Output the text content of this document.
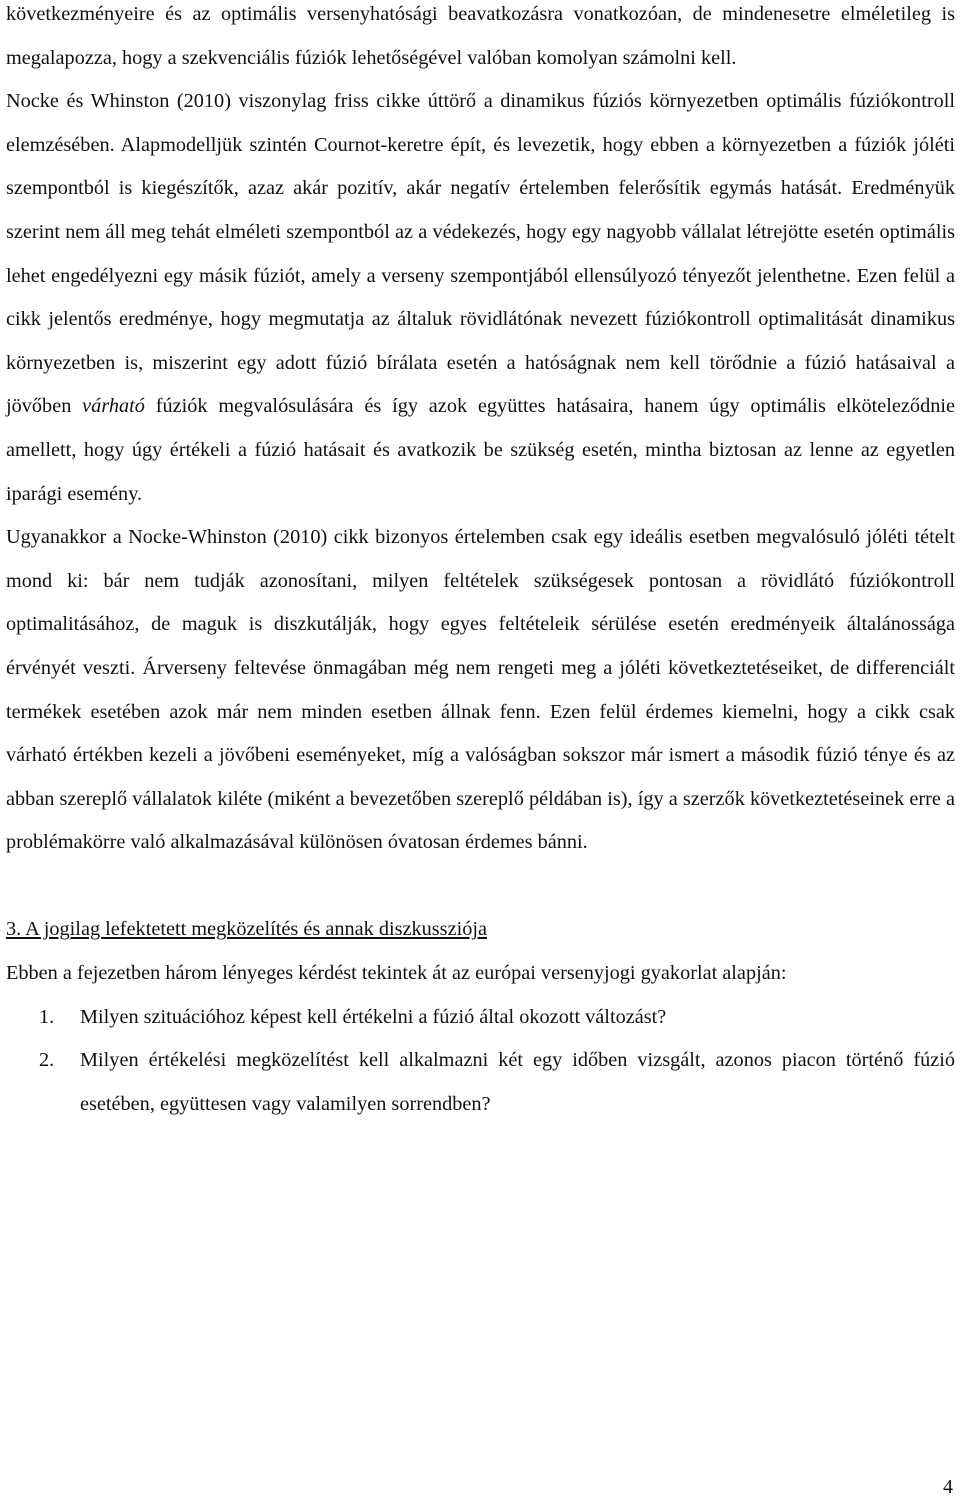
következményeire és az optimális versenyhatósági beavatkozásra vonatkozóan, de mindenesetre elméletileg is megalapozza, hogy a szekvenciális fúziók lehetőségével valóban komolyan számolni kell.
Nocke és Whinston (2010) viszonylag friss cikke úttörő a dinamikus fúziós környezetben optimális fúziókontroll elemzésében. Alapmodelljük szintén Cournot-keretre épít, és levezetik, hogy ebben a környezetben a fúziók jóléti szempontból is kiegészítők, azaz akár pozitív, akár negatív értelemben felerősítik egymás hatását. Eredményük szerint nem áll meg tehát elméleti szempontból az a védekezés, hogy egy nagyobb vállalat létrejötte esetén optimális lehet engedélyezni egy másik fúziót, amely a verseny szempontjából ellensúlyozó tényezőt jelenthetne. Ezen felül a cikk jelentős eredménye, hogy megmutatja az általuk rövidlátónak nevezett fúziókontroll optimalitását dinamikus környezetben is, miszerint egy adott fúzió bírálata esetén a hatóságnak nem kell törődnie a fúzió hatásaival a jövőben várható fúziók megvalósulására és így azok együttes hatásaira, hanem úgy optimális elköteleződnie amellett, hogy úgy értékeli a fúzió hatásait és avatkozik be szükség esetén, mintha biztosan az lenne az egyetlen iparági esemény.

Ugyanakkor a Nocke-Whinston (2010) cikk bizonyos értelemben csak egy ideális esetben megvalósuló jóléti tételt mond ki: bár nem tudják azonosítani, milyen feltételek szükségesek pontosan a rövidlátó fúziókontroll optimalitásához, de maguk is diszkutálják, hogy egyes feltételeik sérülése esetén eredményeik általánossága érvényét veszti. Árverseny feltevése önmagában még nem rengeti meg a jóléti következtetéseiket, de differenciált termékek esetében azok már nem minden esetben állnak fenn. Ezen felül érdemes kiemelni, hogy a cikk csak várható értékben kezeli a jövőbeni eseményeket, míg a valóságban sokszor már ismert a második fúzió ténye és az abban szereplő vállalatok kiléte (miként a bevezetőben szereplő példában is), így a szerzők következtetéseinek erre a problémakörre való alkalmazásával különösen óvatosan érdemes bánni.

3. A jogilag lefektetett megközelítés és annak diszkussziója

Ebben a fejezetben három lényeges kérdést tekintek át az európai versenyjogi gyakorlat alapján:

1. Milyen szituációhoz képest kell értékelni a fúzió által okozott változást?
2. Milyen értékelési megközelítést kell alkalmazni két egy időben vizsgált, azonos piacon történő fúzió esetében, együttesen vagy valamilyen sorrendben?
4
